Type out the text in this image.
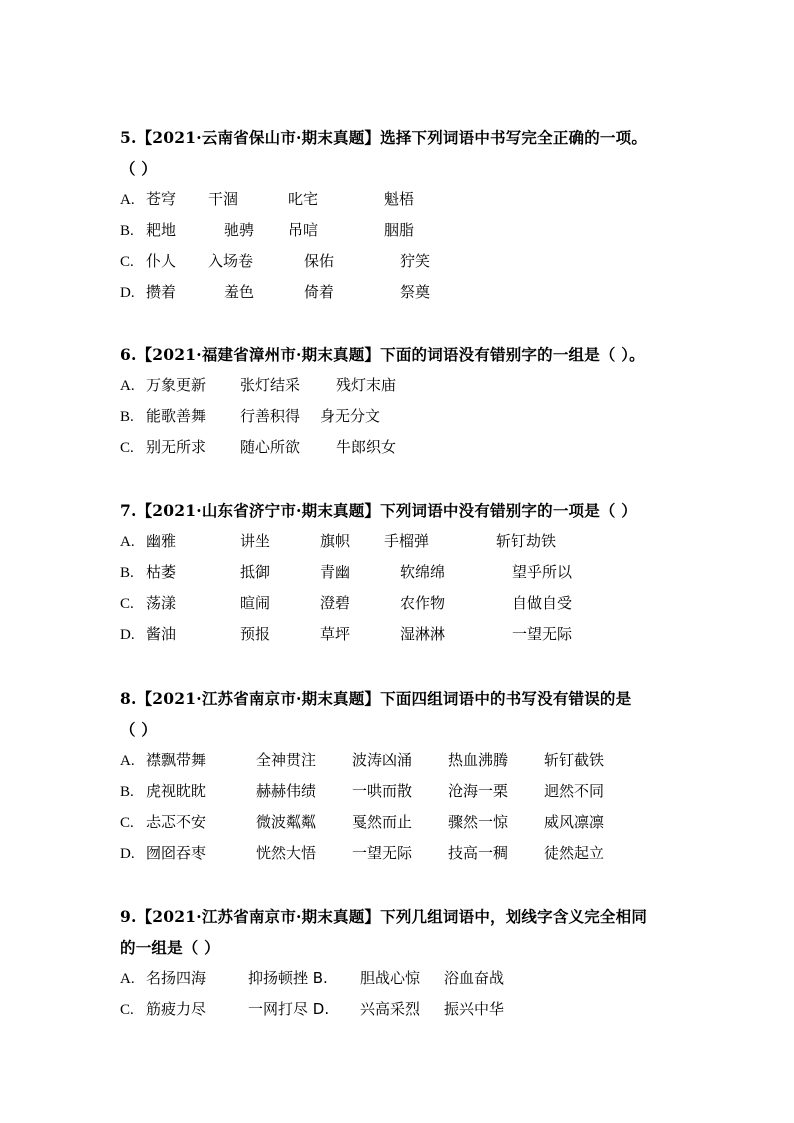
5.【2021·云南省保山市·期末真题】选择下列词语中书写完全正确的一项。
（ ）
A. 苍穹 干涸	叱宅	魁梧
B. 耙地	驰骋 吊唁	胭脂
C. 仆人 入场卷	保佑	狞笑
D. 攒着	羞色	倚着	祭奠
6.【2021·福建省漳州市·期末真题】下面的词语没有错别字的一组是（ ）。
A. 万象更新 张灯结采 残灯末庙
B. 能歌善舞 行善积得 身无分文
C. 别无所求 随心所欲 牛郎织女
7.【2021·山东省济宁市·期末真题】下列词语中没有错别字的一项是（ ）
A. 幽雅	讲坐	旗帜 手榴弹	斩钉劫铁
B. 枯萎	抵御	青幽	软绵绵	望乎所以
C. 荡漾	暄闹	澄碧	农作物	自做自受
D. 酱油	预报	草坪	湿淋淋	一望无际
8.【2021·江苏省南京市·期末真题】下面四组词语中的书写没有错误的是
（ ）
A. 襟飘带舞	全神贯注 波涛凶涌 热血沸腾 斩钉截铁
B. 虎视眈眈	赫赫伟绩 一哄而散 沧海一栗 迥然不同
C. 忐忑不安	微波粼粼 戛然而止 骤然一惊 威风凛凛
D. 囫囵吞枣	恍然大悟 一望无际 技高一稠 徒然起立
9.【2021·江苏省南京市·期末真题】下列几组词语中，划线字含义完全相同
的一组是（ ）
A. 名扬四海	抑扬顿挫 B. 胆战心惊 浴血奋战
C. 筋疲力尽	一网打尽 D. 兴高采烈 振兴中华
